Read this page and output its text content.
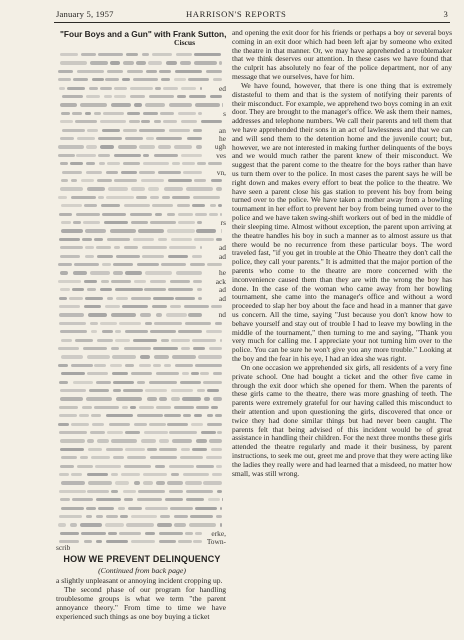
January 5, 1957	HARRISON'S REPORTS	3
"Four Boys and a Gun" with Frank Sutton,
Ciscus
ed
s
an
he
ugh
ves
vn,
rs
ad
ad
he
ack
ad
ad
nd
erke,
Town-
scrib
HOW WE PREVENT DELINQUENCY
(Continued from back page)

a slightly unpleasant or annoying incident cropping up.

The second phase of our program for handling troublesome groups is what we term "the parent annoyance theory." From time to time we have experienced such things as one boy buying a ticket

and opening the exit door for his friends or perhaps a boy or several boys coming in an exit door which had been left ajar by someone who exited the theatre in that manner. Or, we may have apprehended a troublemaker that we think deserves our attention. In these cases we have found that the culprit has absolutely no fear of the police department, nor of any message that we ourselves, have for him.

We have found, however, that there is one thing that is extremely distasteful to them and that is the system of notifying their parents of their misconduct. For example, we apprehend two boys coming in an exit door. They are brought to the manager's office. We ask them their names, addresses and telephone numbers. We call their parents and tell them that we have apprehended their sons in an act of lawlessness and that we can and will send them to the detention home and the juvenile court; but, however, we are not interested in making further delinquents of the boys and we would much rather the parent knew of their misconduct. We suggest that the parent come to the theatre for the boys rather than have us turn them over to the police. In most cases the parent says he will be right down and makes every effort to beat the police to the theatre. We have seen a parent close his gas station to prevent his boy from being turned over to the police. We have taken a mother away from a bowling tournament in her effort to prevent her boy from being turned over to the police and we have taken swing-shift workers out of bed in the middle of their sleeping time. Almost without exception, the parent upon arriving at the theatre handles his boy in such a manner as to almost assure us that there would be no recurrence from these particular boys. The word traveled fast, "if you get in trouble at the Ohio Theatre they don't call the police, they call your parents." It is admitted that the major portion of the parents who come to the theatre are more concerned with the inconvenience caused them than they are with the wrong the boy has done. In the case of the woman who came away from her bowling tournament, she came into the manager's office and without a word proceeded to slap her boy about the face and head in a manner that gave us concern. All the time, saying "Just because you don't know how to behave yourself and stay out of trouble I had to leave my bowling in the middle of the tournament," then turning to me and saying, "Thank you very much for calling me. I appreciate your not turning him over to the police. You can be sure he won't give you any more trouble." Looking at the boy and the fear in his eye, I had an idea she was right.

On one occasion we apprehended six girls, all residents of a very fine private school. One had bought a ticket and the other five came in through the exit door which she opened for them. When the parents of these girls came to the theatre, there was more gnashing of teeth. The parents were extremely grateful for our having called this misconduct to their attention and upon questioning the girls, discovered that once or twice they had done similar things but had never been caught. The parents felt that being advised of this incident would be of great assistance in handling their children. For the next three months these girls attended the theatre regularly and made it their business, by parent instructions, to seek me out, greet me and prove that they were acting like the ladies they really were and had learned that a misdeed, no matter how small, was still wrong.
